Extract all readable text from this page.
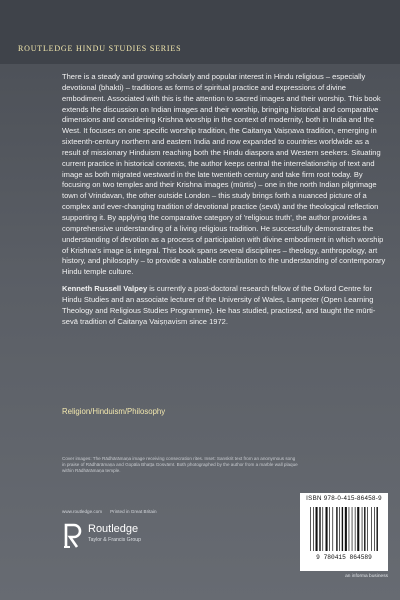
ROUTLEDGE HINDU STUDIES SERIES

There is a steady and growing scholarly and popular interest in Hindu religious – especially devotional (bhakti) – traditions as forms of spiritual practice and expressions of divine embodiment. Associated with this is the attention to sacred images and their worship. This book extends the discussion on Indian images and their worship, bringing historical and comparative dimensions and considering Krishna worship in the context of modernity, both in India and the West. It focuses on one specific worship tradition, the Caitanya Vaiṣṇava tradition, emerging in sixteenth-century northern and eastern India and now expanded to countries worldwide as a result of missionary Hinduism reaching both the Hindu diaspora and Western seekers. Situating current practice in historical contexts, the author keeps central the interrelationship of text and image as both migrated westward in the late twentieth century and take firm root today. By focusing on two temples and their Krishna images (mūrtis) – one in the north Indian pilgrimage town of Vrindavan, the other outside London – this study brings forth a nuanced picture of a complex and ever-changing tradition of devotional practice (sevā) and the theological reflection supporting it. By applying the comparative category of 'religious truth', the author provides a comprehensive understanding of a living religious tradition. He successfully demonstrates the understanding of devotion as a process of participation with divine embodiment in which worship of Krishna's image is integral. This book spans several disciplines – theology, anthropology, art history, and philosophy – to provide a valuable contribution to the understanding of contemporary Hindu temple culture.

Kenneth Russell Valpey is currently a post-doctoral research fellow of the Oxford Centre for Hindu Studies and an associate lecturer of the University of Wales, Lampeter (Open Learning Theology and Religious Studies Programme). He has studied, practised, and taught the mūrti-sevā tradition of Caitanya Vaiṣṇavism since 1972.

Religion/Hinduism/Philosophy
Cover images: The Rādhārāmaṇa image receiving consecration rites. Inset: Sanskrit text from an anonymous song in praise of Rādhārāmaṇa and Gopāla Bhaṭṭa Gosvāmī. Both photographed by the author from a marble wall plaque within Rādhārāmaṇa temple.
www.routledge.com Printed in Great Britain
Routledge
Taylor & Francis Group
ISBN 978-0-415-86458-9
9 780415 864589
an informa business
